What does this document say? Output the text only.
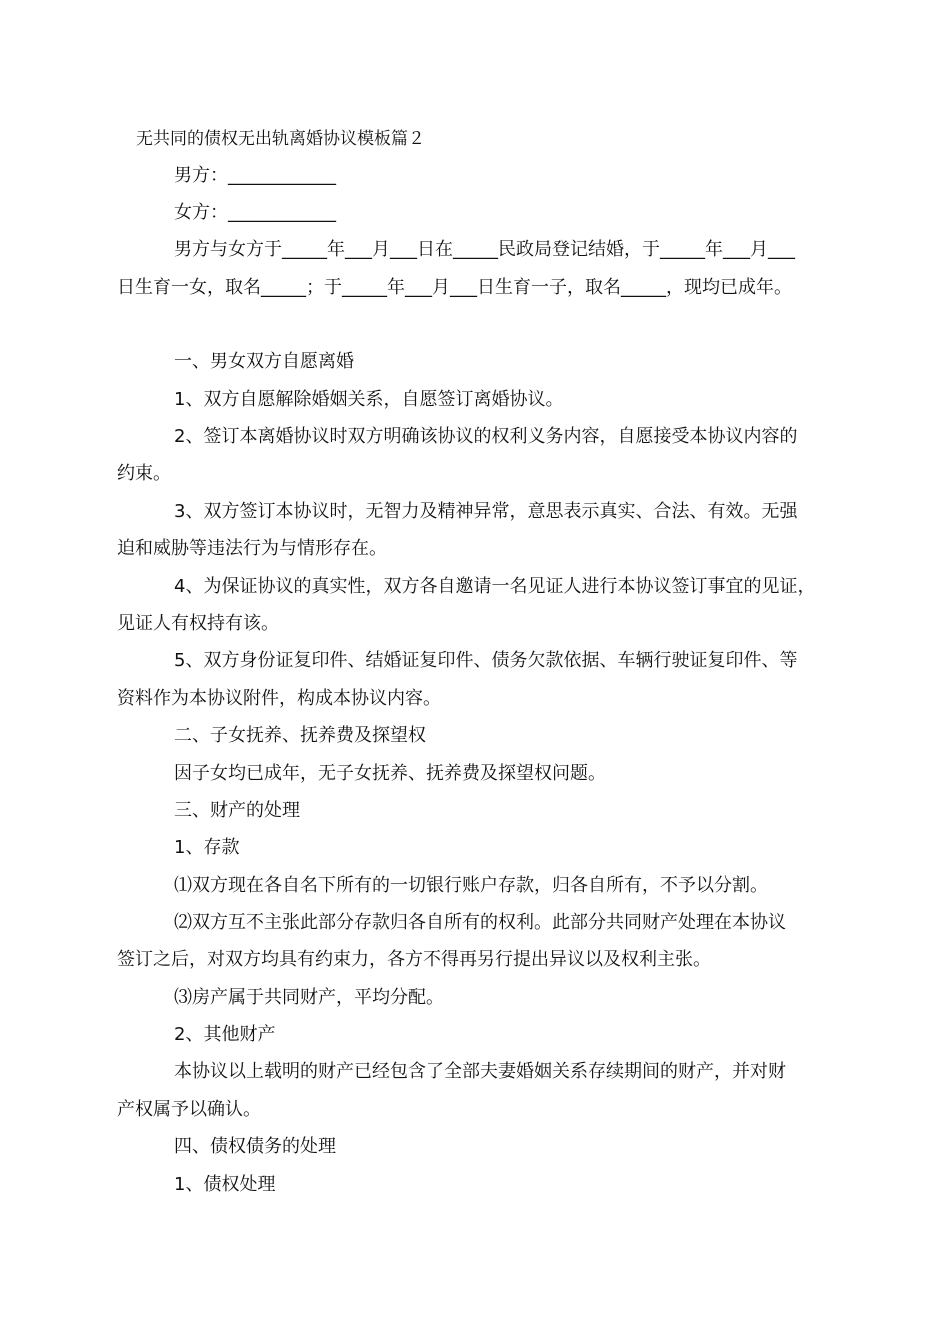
无共同的债权无出轨离婚协议模板篇２
男方：____________
女方：____________
男方与女方于_____年___月___日在_____民政局登记结婚，于_____年___月___
日生育一女，取名_____；于_____年___月___日生育一子，取名_____，现均已成年。
一、男女双方自愿离婚
1、双方自愿解除婚姻关系，自愿签订离婚协议。
2、签订本离婚协议时双方明确该协议的权利义务内容，自愿接受本协议内容的
约束。
3、双方签订本协议时，无智力及精神异常，意思表示真实、合法、有效。无强
迫和威胁等违法行为与情形存在。
4、为保证协议的真实性，双方各自邀请一名见证人进行本协议签订事宜的见证，
见证人有权持有该。
5、双方身份证复印件、结婚证复印件、债务欠款依据、车辆行驶证复印件、等
资料作为本协议附件，构成本协议内容。
二、子女抚养、抚养费及探望权
因子女均已成年，无子女抚养、抚养费及探望权问题。
三、财产的处理
1、存款
⑴双方现在各自名下所有的一切银行账户存款，归各自所有，不予以分割。
⑵双方互不主张此部分存款归各自所有的权利。此部分共同财产处理在本协议
签订之后，对双方均具有约束力，各方不得再另行提出异议以及权利主张。
⑶房产属于共同财产，平均分配。
2、其他财产
本协议以上载明的财产已经包含了全部夫妻婚姻关系存续期间的财产，并对财
产权属予以确认。
四、债权债务的处理
1、债权处理
